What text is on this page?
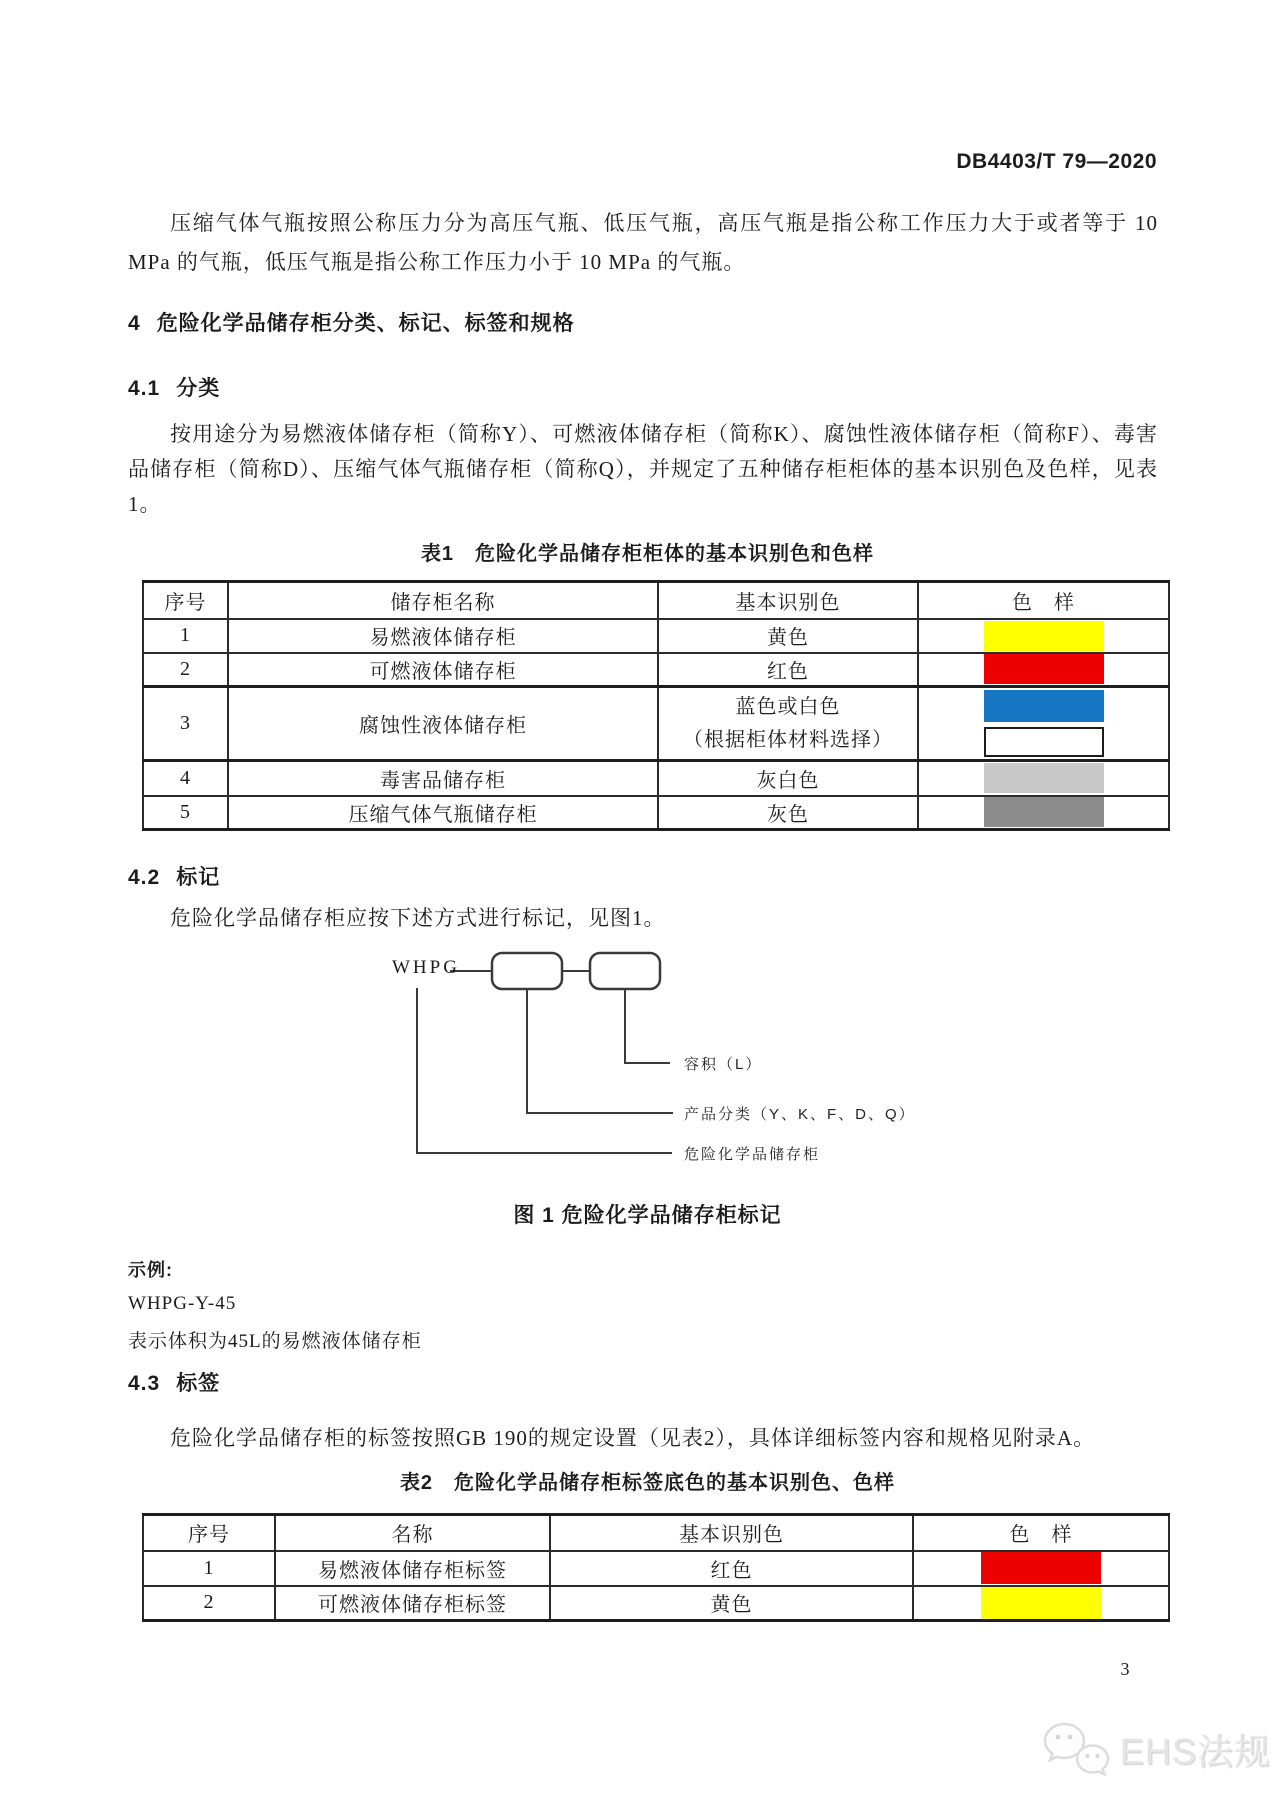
DB4403/T 79—2020
压缩气体气瓶按照公称压力分为高压气瓶、低压气瓶，高压气瓶是指公称工作压力大于或者等于 10 MPa 的气瓶，低压气瓶是指公称工作压力小于 10 MPa 的气瓶。
4 危险化学品储存柜分类、标记、标签和规格
4.1 分类
按用途分为易燃液体储存柜（简称Y）、可燃液体储存柜（简称K）、腐蚀性液体储存柜（简称F）、毒害品储存柜（简称D）、压缩气体气瓶储存柜（简称Q），并规定了五种储存柜柜体的基本识别色及色样，见表1。
表1　危险化学品储存柜柜体的基本识别色和色样
序号	储存柜名称	基本识别色	色　样
1	易燃液体储存柜	黄色	

2	可燃液体储存柜	红色	

3	腐蚀性液体储存柜	蓝色或白色
（根据柜体材料选择）	

4	毒害品储存柜	灰白色	

5	压缩气体气瓶储存柜	灰色	
4.2 标记
危险化学品储存柜应按下述方式进行标记，见图1。
WHPG
容积（L）
产品分类（Y、K、F、D、Q）
危险化学品储存柜
图 1 危险化学品储存柜标记
示例:
WHPG-Y-45
表示体积为45L的易燃液体储存柜
4.3 标签
危险化学品储存柜的标签按照GB 190的规定设置（见表2），具体详细标签内容和规格见附录A。
表2　危险化学品储存柜标签底色的基本识别色、色样
序号	名称	基本识别色	色　样
1	易燃液体储存柜标签	红色	

2	可燃液体储存柜标签	黄色	
3
EHS法规
